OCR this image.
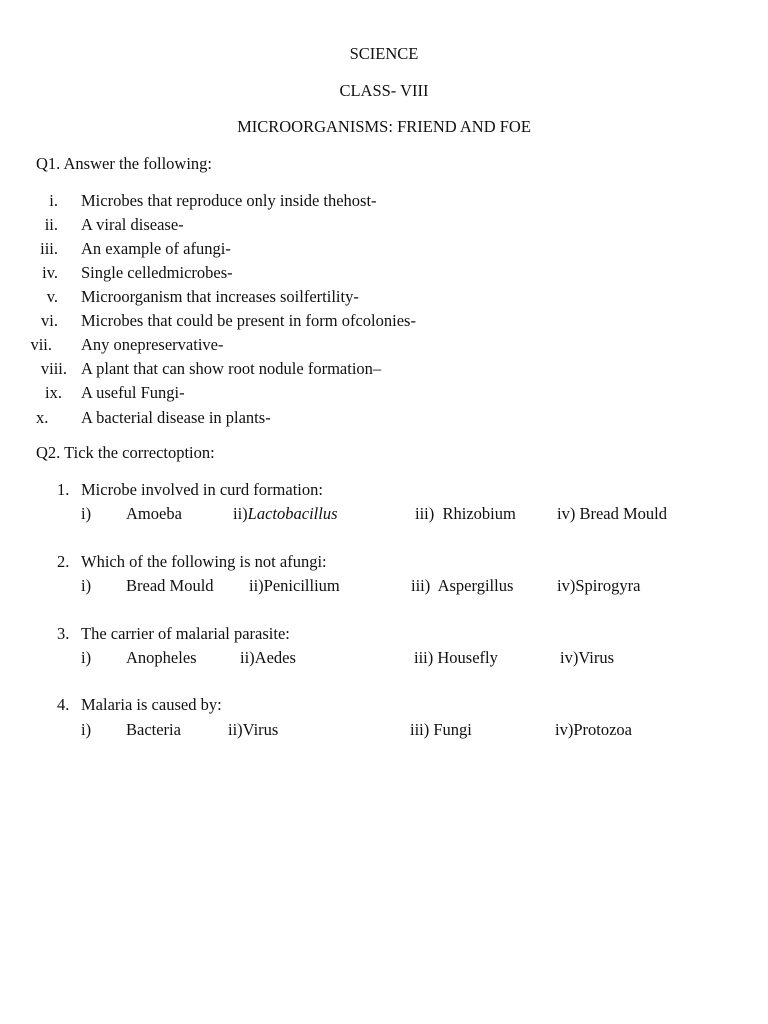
SCIENCE
CLASS- VIII
MICROORGANISMS: FRIEND AND FOE
Q1. Answer the following:
i. Microbes that reproduce only inside thehost-
ii. A viral disease-
iii. An example of afungi-
iv. Single celledmicrobes-
v. Microorganism that increases soilfertility-
vi. Microbes that could be present in form ofcolonies-
vii. Any onepreservative-
viii. A plant that can show root nodule formation–
ix. A useful Fungi-
x. A bacterial disease in plants-
Q2. Tick the correctoption:
1. Microbe involved in curd formation:
i) Amoeba	ii)Lactobacillus	iii)  Rhizobium iv) Bread Mould
2. Which of the following is not afungi:
i) Bread Mould ii)Penicillium	iii)  Aspergillus	iv)Spirogyra
3. The carrier of malarial parasite:
i) Anopheles	ii)Aedes	iii) Housefly	iv)Virus
4. Malaria is caused by:
i) Bacteria	ii)Virus	iii) Fungi	iv)Protozoa
